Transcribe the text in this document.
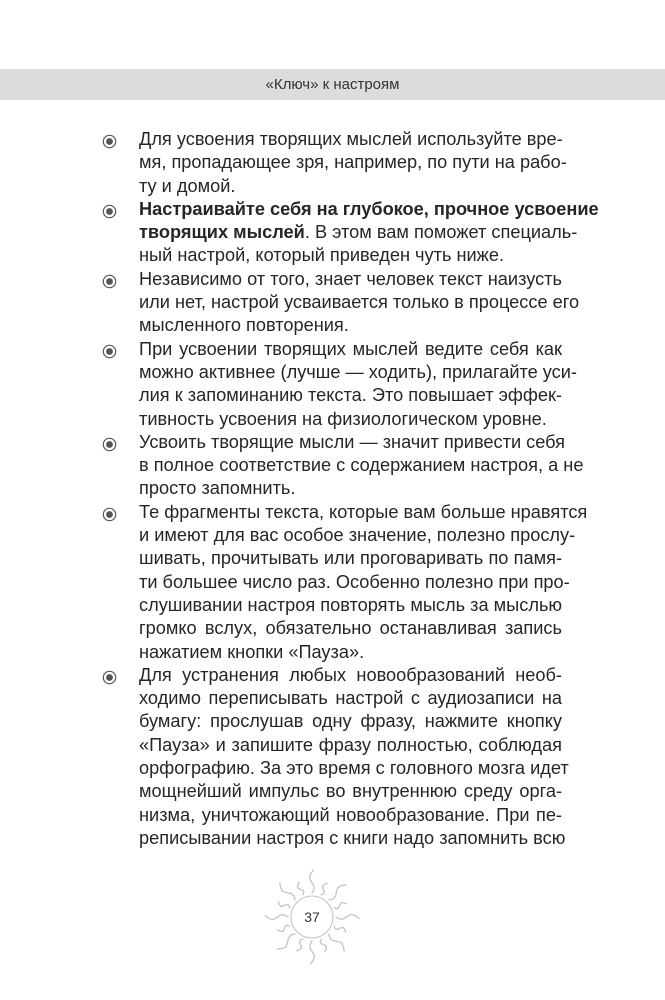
«Ключ» к настроям
Для усвоения творящих мыслей используйте вре-
мя, пропадающее зря, например, по пути на рабо-
ту и домой.
Настраивайте себя на глубокое, прочное усвоение
творящих мыслей. В этом вам поможет специаль-
ный настрой, который приведен чуть ниже.
Независимо от того, знает человек текст наизусть
или нет, настрой усваивается только в процессе его
мысленного повторения.
При усвоении творящих мыслей ведите себя как
можно активнее (лучше — ходить), прилагайте уси-
лия к запоминанию текста. Это повышает эффек-
тивность усвоения на физиологическом уровне.
Усвоить творящие мысли — значит привести себя
в полное соответствие с содержанием настроя, а не
просто запомнить.
Те фрагменты текста, которые вам больше нравятся
и имеют для вас особое значение, полезно прослу-
шивать, прочитывать или проговаривать по памя-
ти большее число раз. Особенно полезно при про-
слушивании настроя повторять мысль за мыслью
громко вслух, обязательно останавливая запись
нажатием кнопки «Пауза».
Для устранения любых новообразований необ-
ходимо переписывать настрой с аудиозаписи на
бумагу: прослушав одну фразу, нажмите кнопку
«Пауза» и запишите фразу полностью, соблюдая
орфографию. За это время с головного мозга идет
мощнейший импульс во внутреннюю среду орга-
низма, уничтожающий новообразование. При пе-
реписывании настроя с книги надо запомнить всю
37
